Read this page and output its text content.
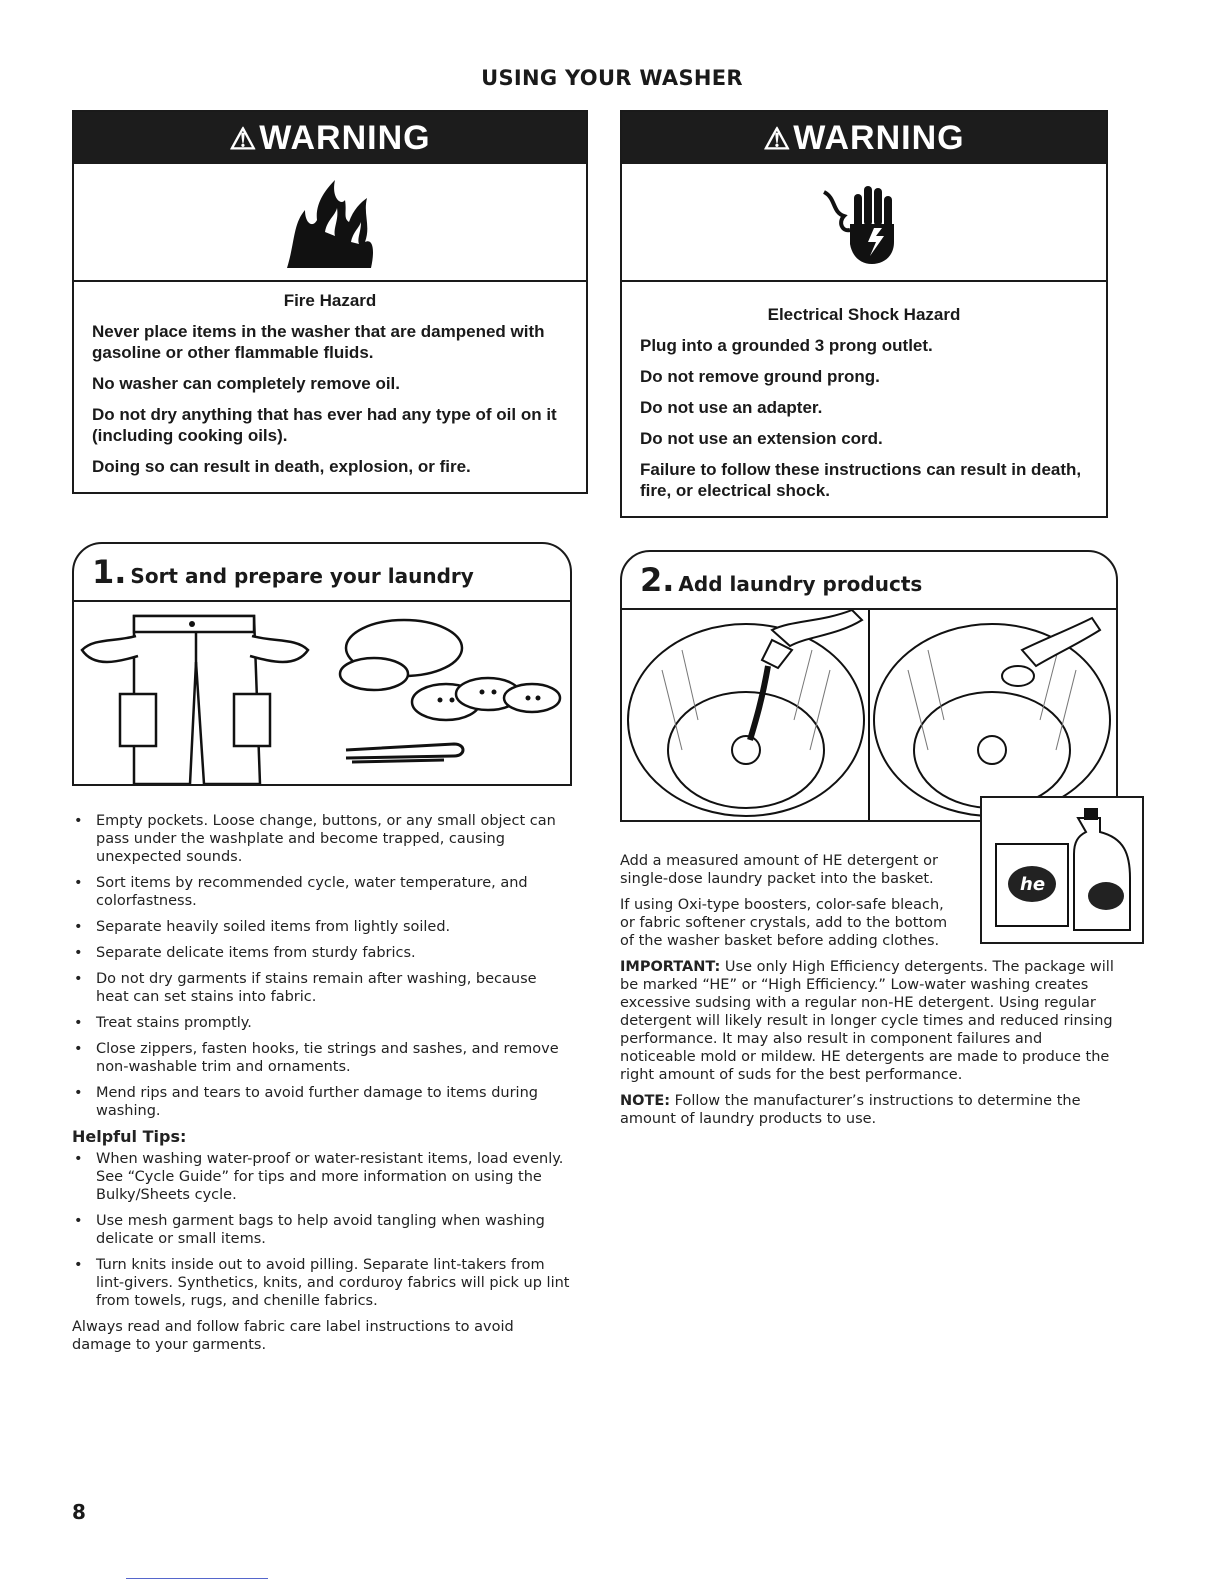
USING YOUR WASHER
⚠WARNING

Fire Hazard

Never place items in the washer that are dampened with gasoline or other flammable fluids.

No washer can completely remove oil.

Do not dry anything that has ever had any type of oil on it (including cooking oils).

Doing so can result in death, explosion, or fire.

⚠WARNING

Electrical Shock Hazard

Plug into a grounded 3 prong outlet.

Do not remove ground prong.

Do not use an adapter.

Do not use an extension cord.

Failure to follow these instructions can result in death, fire, or electrical shock.

1. Sort and prepare your laundry
• Empty pockets. Loose change, buttons, or any small object can pass under the washplate and become trapped, causing unexpected sounds.
• Sort items by recommended cycle, water temperature, and colorfastness.
• Separate heavily soiled items from lightly soiled.
• Separate delicate items from sturdy fabrics.
• Do not dry garments if stains remain after washing, because heat can set stains into fabric.
• Treat stains promptly.
• Close zippers, fasten hooks, tie strings and sashes, and remove non-washable trim and ornaments.
• Mend rips and tears to avoid further damage to items during washing.
Helpful Tips:
• When washing water-proof or water-resistant items, load evenly. See “Cycle Guide” for tips and more information on using the Bulky/Sheets cycle.
• Use mesh garment bags to help avoid tangling when washing delicate or small items.
• Turn knits inside out to avoid pilling. Separate lint-takers from lint-givers. Synthetics, knits, and corduroy fabrics will pick up lint from towels, rugs, and chenille fabrics.

Always read and follow fabric care label instructions to avoid damage to your garments.

2. Add laundry products
he

Add a measured amount of HE detergent or single-dose laundry packet into the basket.

If using Oxi-type boosters, color-safe bleach, or fabric softener crystals, add to the bottom of the washer basket before adding clothes.

IMPORTANT: Use only High Efficiency detergents. The package will be marked “HE” or “High Efficiency.” Low-water washing creates excessive sudsing with a regular non-HE detergent. Using regular detergent will likely result in longer cycle times and reduced rinsing performance. It may also result in component failures and noticeable mold or mildew. HE detergents are made to produce the right amount of suds for the best performance.

NOTE: Follow the manufacturer’s instructions to determine the amount of laundry products to use.

8
